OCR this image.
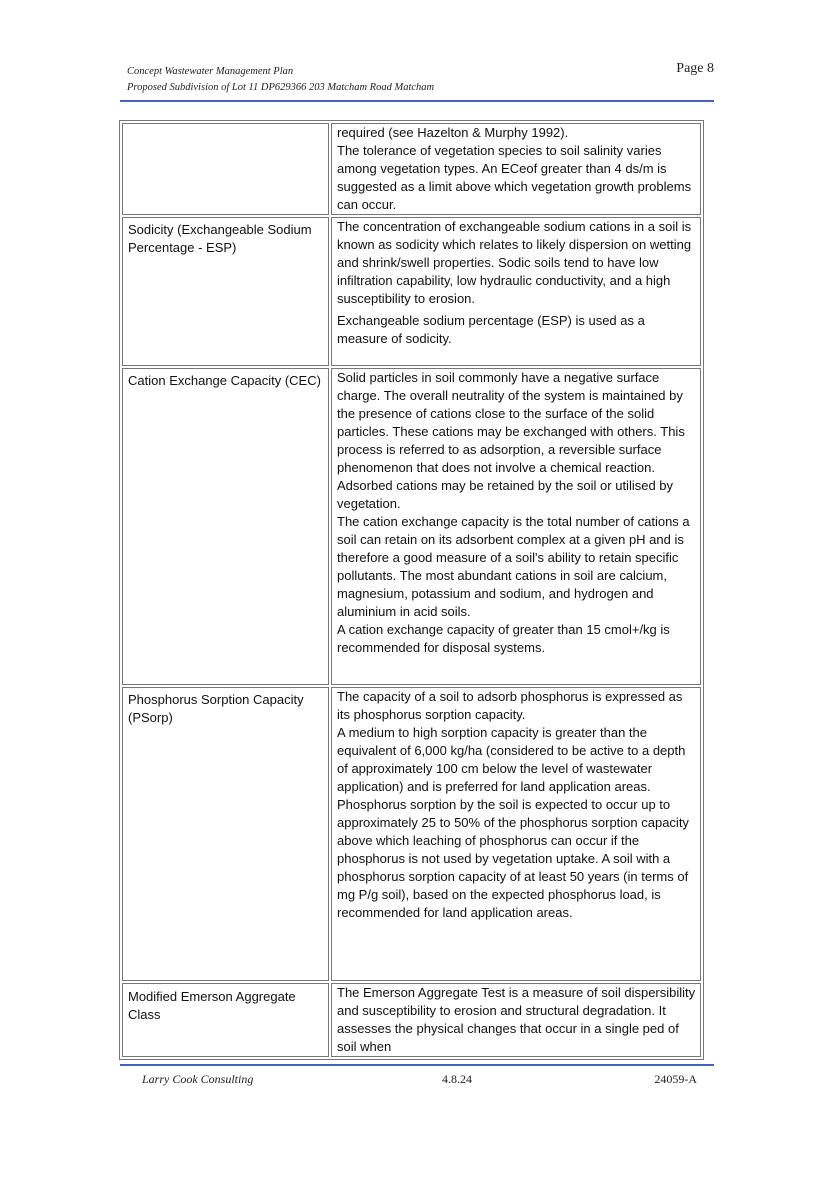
Concept Wastewater Management Plan
Proposed Subdivision of Lot 11 DP629366 203 Matcham Road Matcham
Page 8

	required (see Hazelton & Murphy 1992).
The tolerance of vegetation species to soil salinity varies among vegetation types. An ECeof greater than 4 ds/m is suggested as a limit above which vegetation growth problems can occur.

Sodicity (Exchangeable Sodium Percentage - ESP)	The concentration of exchangeable sodium cations in a soil is known as sodicity which relates to likely dispersion on wetting and shrink/swell properties. Sodic soils tend to have low infiltration capability, low hydraulic conductivity, and a high susceptibility to erosion.
Exchangeable sodium percentage (ESP) is used as a measure of sodicity.

Cation Exchange Capacity (CEC)	Solid particles in soil commonly have a negative surface charge. The overall neutrality of the system is maintained by the presence of cations close to the surface of the solid particles. These cations may be exchanged with others. This process is referred to as adsorption, a reversible surface phenomenon that does not involve a chemical reaction. Adsorbed cations may be retained by the soil or utilised by vegetation.
The cation exchange capacity is the total number of cations a soil can retain on its adsorbent complex at a given pH and is therefore a good measure of a soil's ability to retain specific pollutants. The most abundant cations in soil are calcium, magnesium, potassium and sodium, and hydrogen and aluminium in acid soils.
A cation exchange capacity of greater than 15 cmol+/kg is recommended for disposal systems.

Phosphorus Sorption Capacity (PSorp)	The capacity of a soil to adsorb phosphorus is expressed as its phosphorus sorption capacity.
A medium to high sorption capacity is greater than the equivalent of 6,000 kg/ha (considered to be active to a depth of approximately 100 cm below the level of wastewater application) and is preferred for land application areas. Phosphorus sorption by the soil is expected to occur up to approximately 25 to 50% of the phosphorus sorption capacity above which leaching of phosphorus can occur if the phosphorus is not used by vegetation uptake. A soil with a phosphorus sorption capacity of at least 50 years (in terms of mg P/g soil), based on the expected phosphorus load, is recommended for land application areas.

Modified Emerson Aggregate Class	The Emerson Aggregate Test is a measure of soil dispersibility and susceptibility to erosion and structural degradation. It assesses the physical changes that occur in a single ped of soil when
Larry Cook Consulting	4.8.24	24059-A
